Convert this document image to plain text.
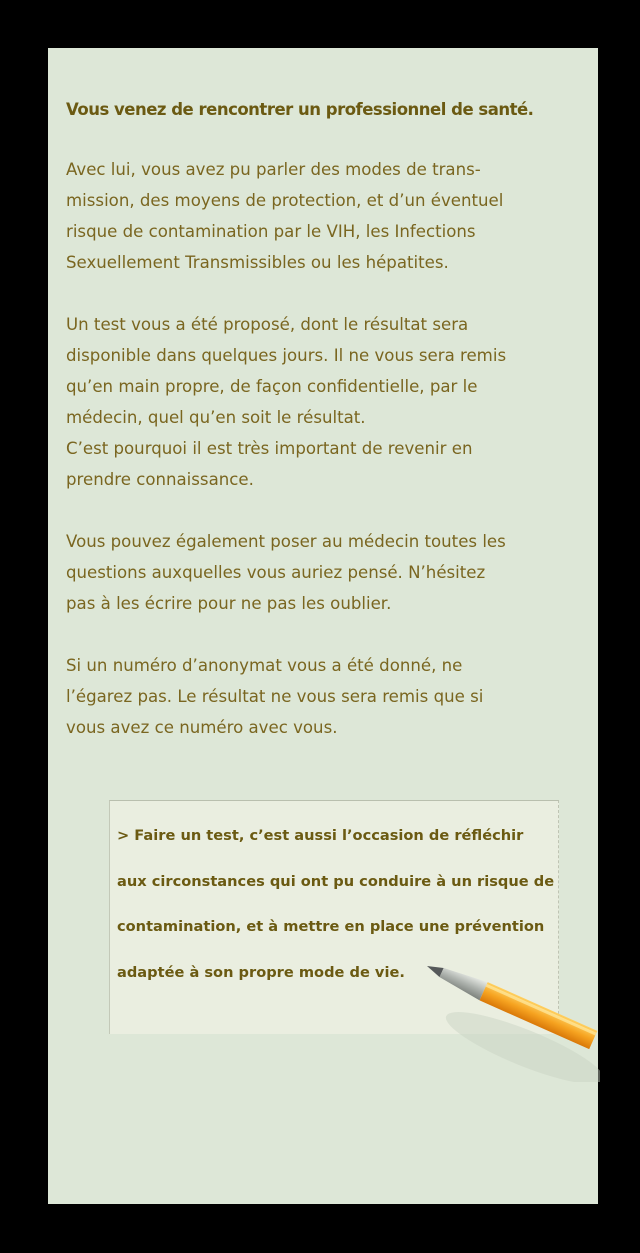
Vous venez de rencontrer un professionnel de santé.
Avec lui, vous avez pu parler des modes de trans-
mission, des moyens de protection, et d’un éventuel
risque de contamination par le VIH, les Infections
Sexuellement Transmissibles ou les hépatites.
Un test vous a été proposé, dont le résultat sera
disponible dans quelques jours. Il ne vous sera remis
qu’en main propre, de façon confidentielle, par le
médecin, quel qu’en soit le résultat.
C’est pourquoi il est très important de revenir en
prendre connaissance.
Vous pouvez également poser au médecin toutes les
questions auxquelles vous auriez pensé. N’hésitez
pas à les écrire pour ne pas les oublier.
Si un numéro d’anonymat vous a été donné, ne
l’égarez pas. Le résultat ne vous sera remis que si
vous avez ce numéro avec vous.
> Faire un test, c’est aussi l’occasion de réfléchir
aux circonstances qui ont pu conduire à un risque de
contamination, et à mettre en place une prévention
adaptée à son propre mode de vie.
